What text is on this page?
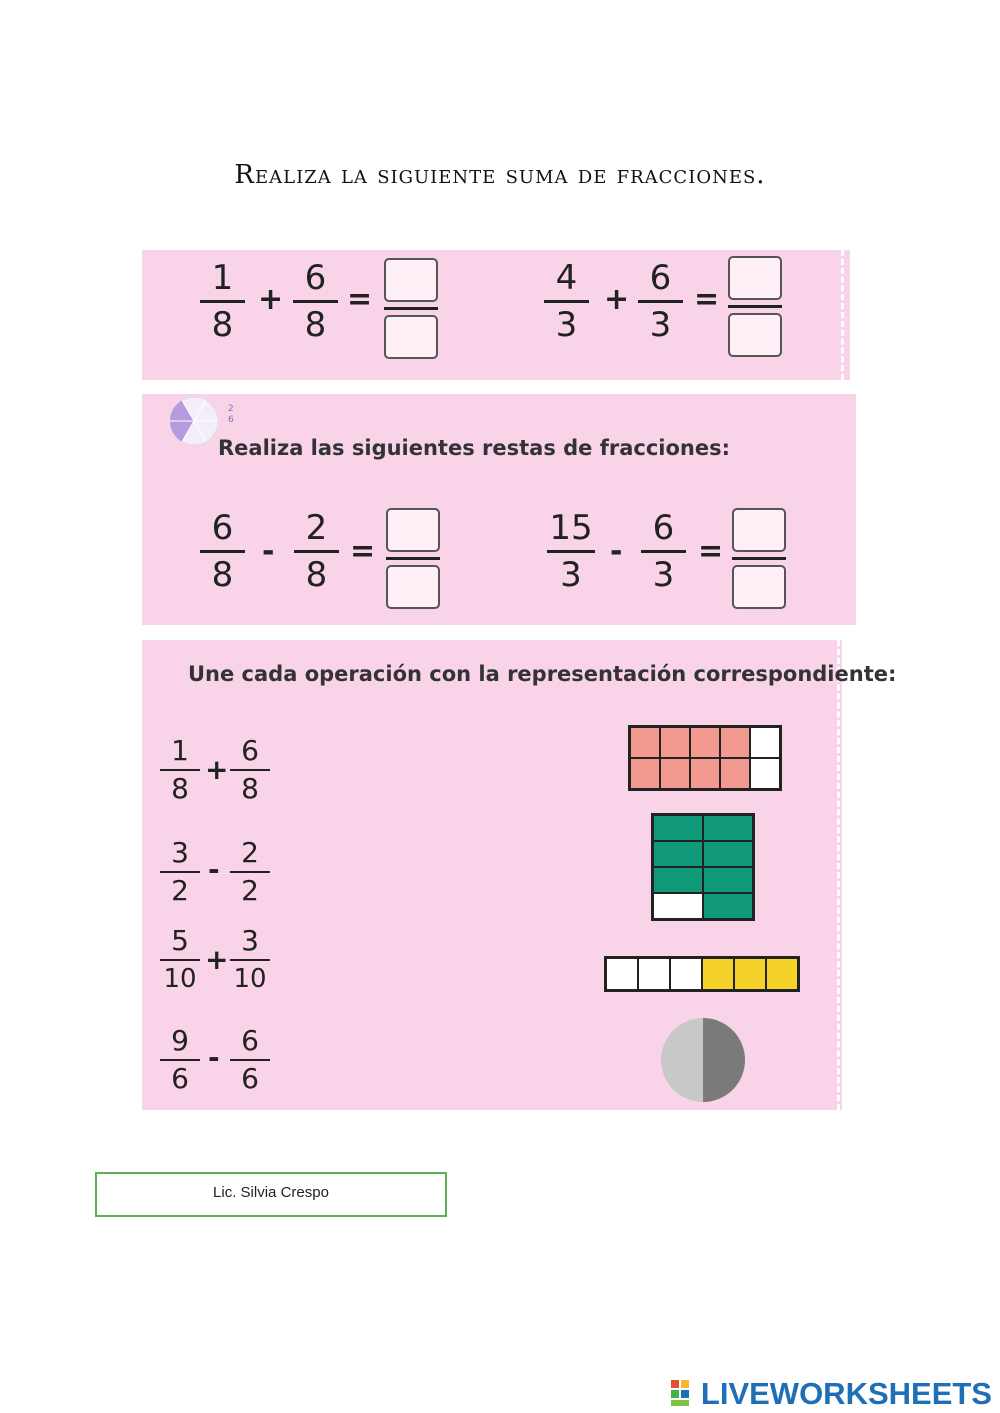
Realiza la siguiente suma de fracciones.
1
8
+
6
8
=
4
3
+
6
3
=
2
6
Realiza las siguientes restas de fracciones:
6
8
-
2
8
=
15
3
-
6
3
=
Une cada operación con la representación correspondiente:
1
8
+
6
8
3
2
-
2
2
5
10
+
3
10
9
6
-
6
6
Lic. Silvia Crespo
LIVEWORKSHEETS
